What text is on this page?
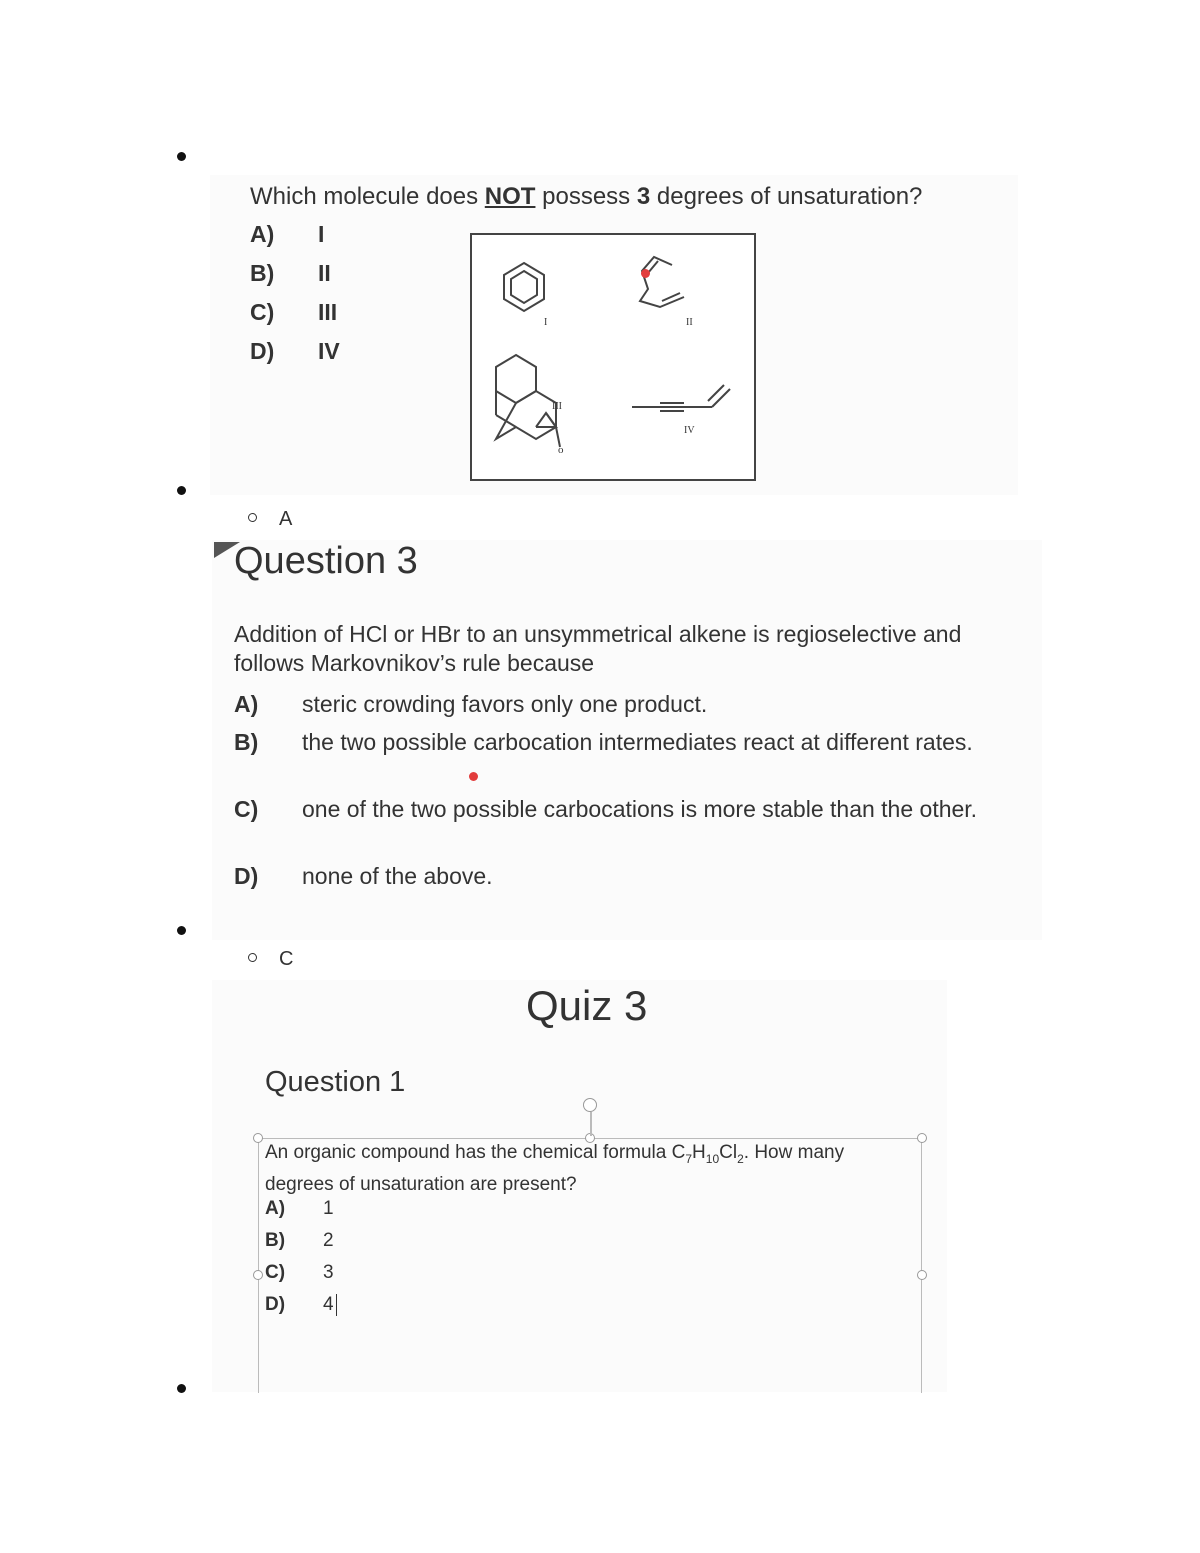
Which molecule does NOT possess 3 degrees of unsaturation?
A) I
B) II
C) III
D) IV
I	II
o
III
IV
A
Question 3
Addition of HCl or HBr to an unsymmetrical alkene is regioselective and follows Markovnikov’s rule because
A) steric crowding favors only one product.
B) the two possible carbocation intermediates react at different rates.
C) one of the two possible carbocations is more stable than the other.
D) none of the above.
C
Quiz 3
Question 1
An organic compound has the chemical formula $C_7H_{10}Cl_2$. How many degrees of unsaturation are present?
A) 1
B) 2
C) 3
D) 4
